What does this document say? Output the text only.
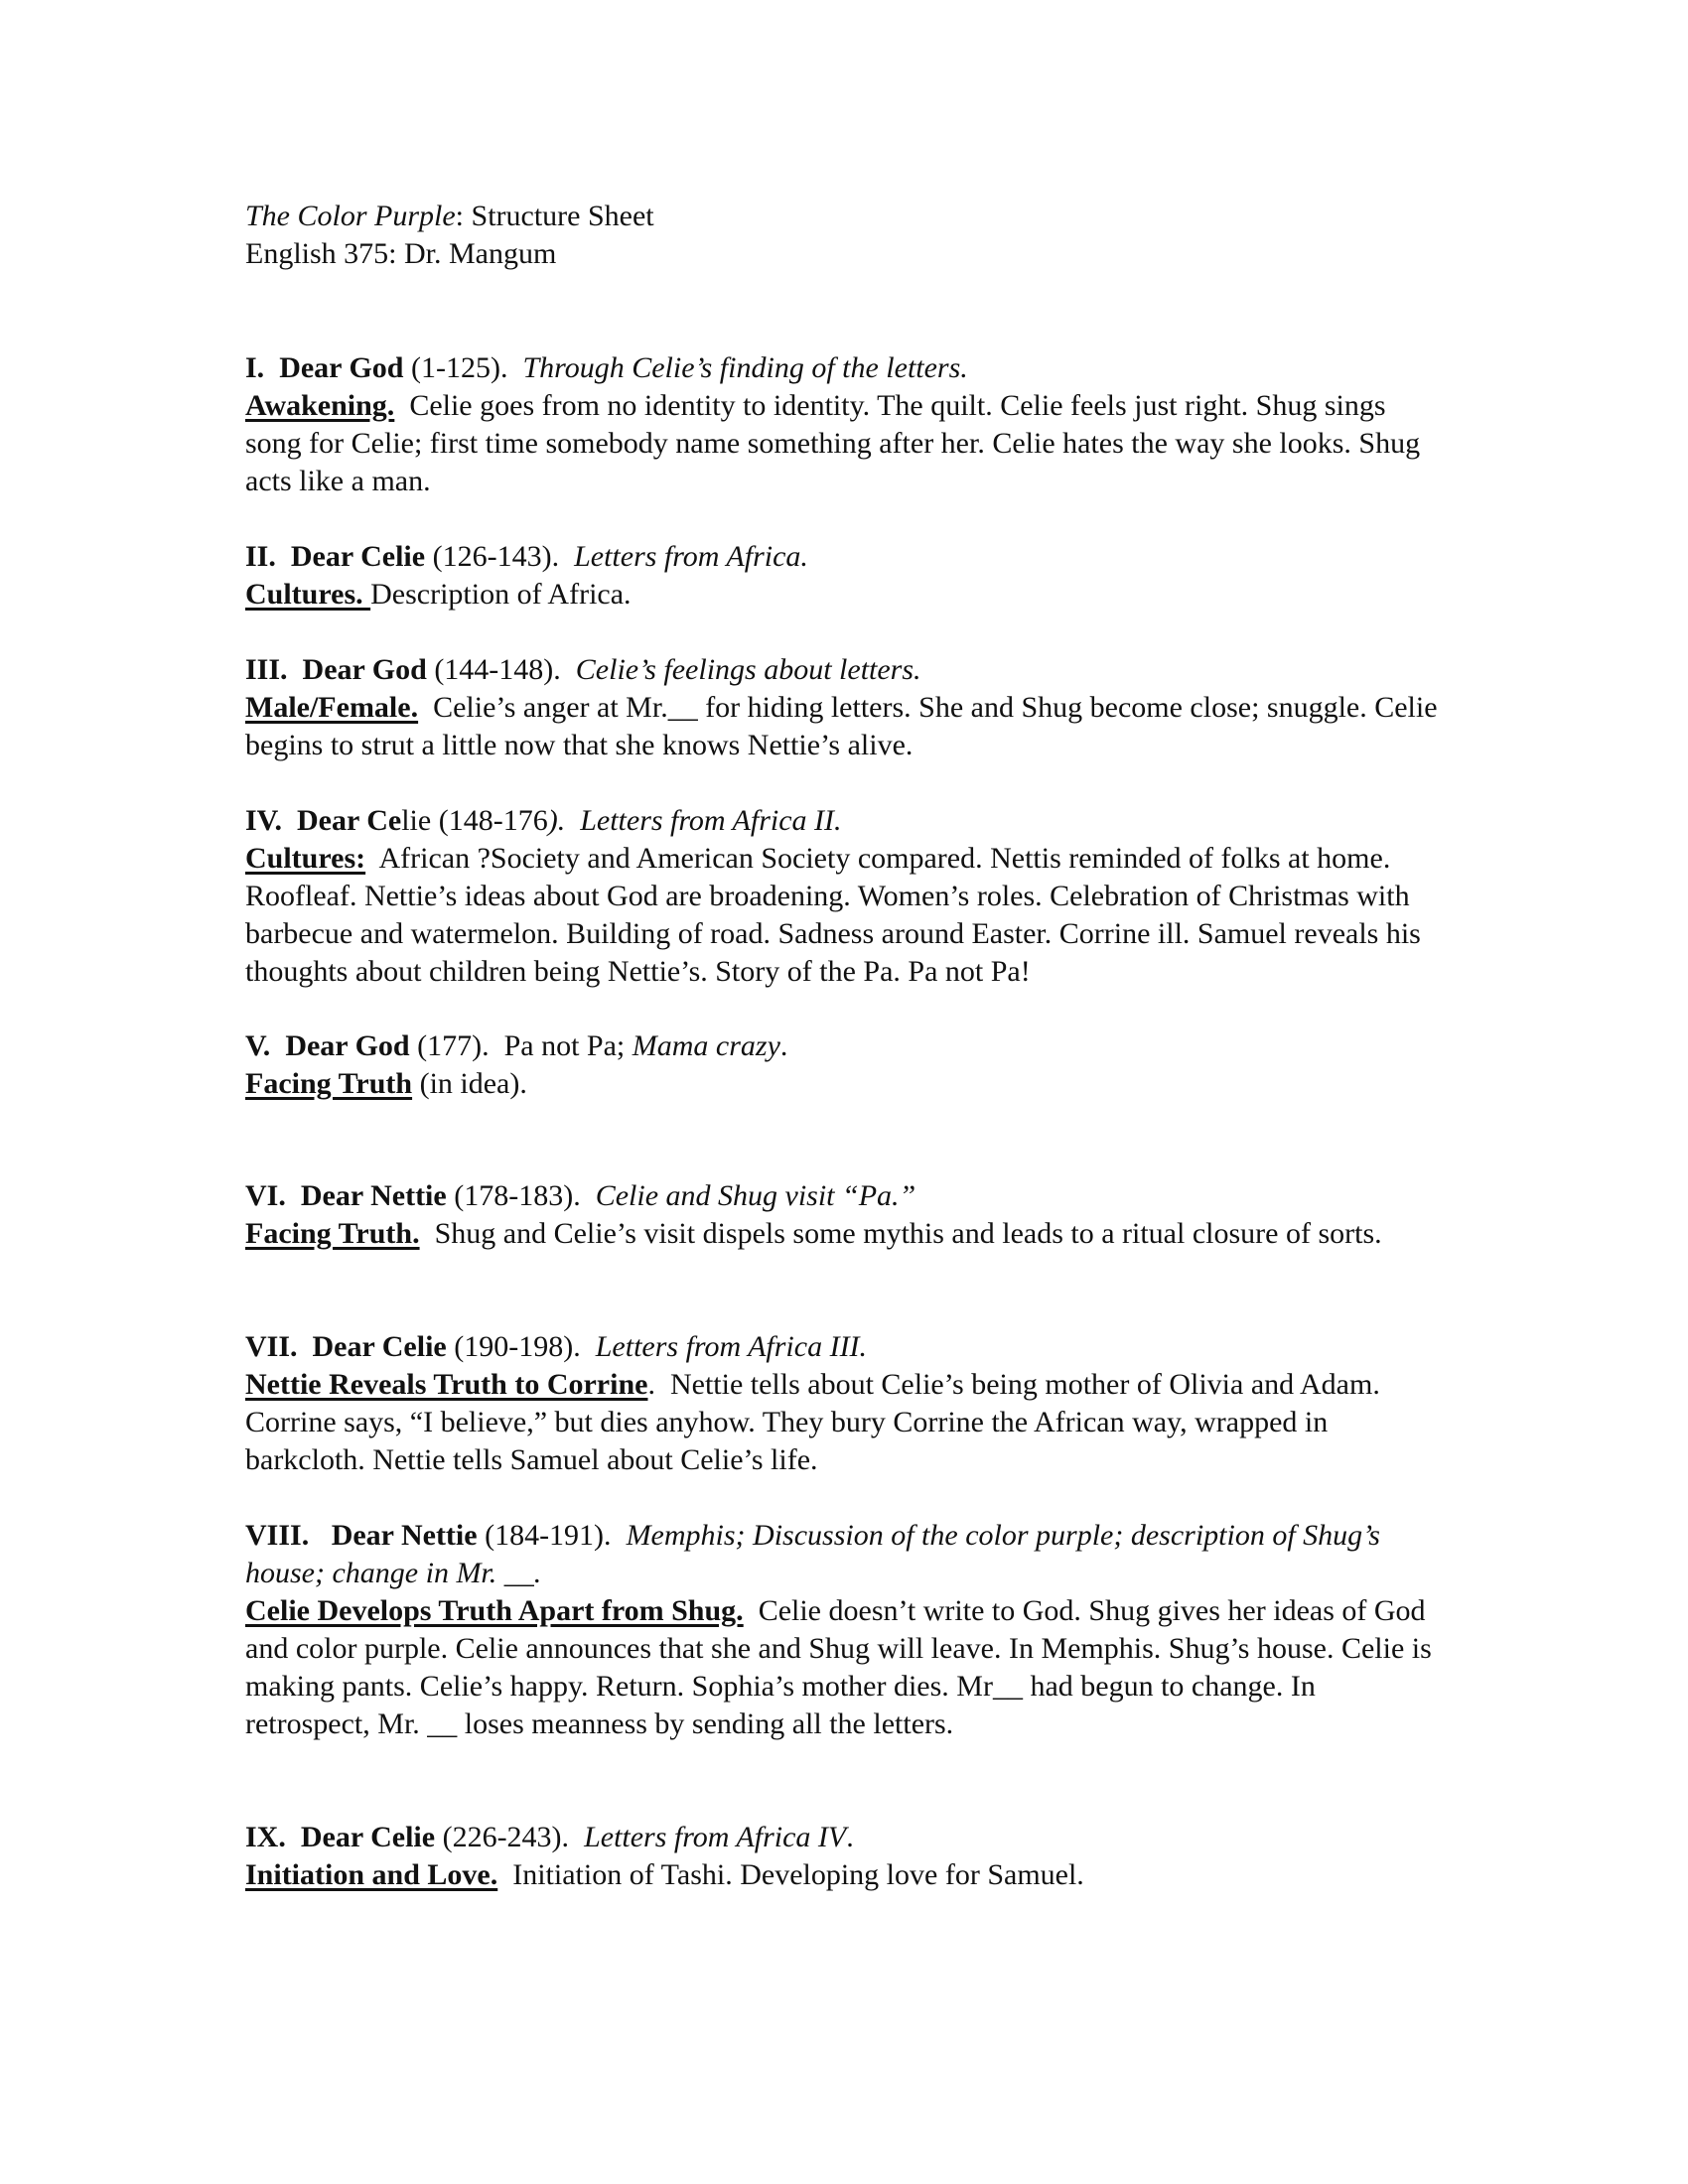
The Color Purple: Structure Sheet
English 375: Dr. Mangum
I. Dear God (1-125). Through Celie’s finding of the letters.
Awakening. Celie goes from no identity to identity. The quilt. Celie feels just right. Shug sings song for Celie; first time somebody name something after her. Celie hates the way she looks. Shug acts like a man.
II. Dear Celie (126-143). Letters from Africa.
Cultures. Description of Africa.
III. Dear God (144-148). Celie’s feelings about letters.
Male/Female. Celie’s anger at Mr.__ for hiding letters. She and Shug become close; snuggle. Celie begins to strut a little now that she knows Nettie’s alive.
IV. Dear Celie (148-176). Letters from Africa II.
Cultures: African ?Society and American Society compared. Nettis reminded of folks at home. Roofleaf. Nettie’s ideas about God are broadening. Women’s roles. Celebration of Christmas with barbecue and watermelon. Building of road. Sadness around Easter. Corrine ill. Samuel reveals his thoughts about children being Nettie’s. Story of the Pa. Pa not Pa!
V. Dear God (177). Pa not Pa; Mama crazy.
Facing Truth (in idea).
VI. Dear Nettie (178-183). Celie and Shug visit “Pa.”
Facing Truth. Shug and Celie’s visit dispels some mythis and leads to a ritual closure of sorts.
VII. Dear Celie (190-198). Letters from Africa III.
Nettie Reveals Truth to Corrine. Nettie tells about Celie’s being mother of Olivia and Adam. Corrine says, “I believe,” but dies anyhow. They bury Corrine the African way, wrapped in barkcloth. Nettie tells Samuel about Celie’s life.
VIII. Dear Nettie (184-191). Memphis; Discussion of the color purple; description of Shug’s house; change in Mr. __.
Celie Develops Truth Apart from Shug. Celie doesn’t write to God. Shug gives her ideas of God and color purple. Celie announces that she and Shug will leave. In Memphis. Shug’s house. Celie is making pants. Celie’s happy. Return. Sophia’s mother dies. Mr__ had begun to change. In retrospect, Mr. __ loses meanness by sending all the letters.
IX. Dear Celie (226-243). Letters from Africa IV.
Initiation and Love. Initiation of Tashi. Developing love for Samuel.
